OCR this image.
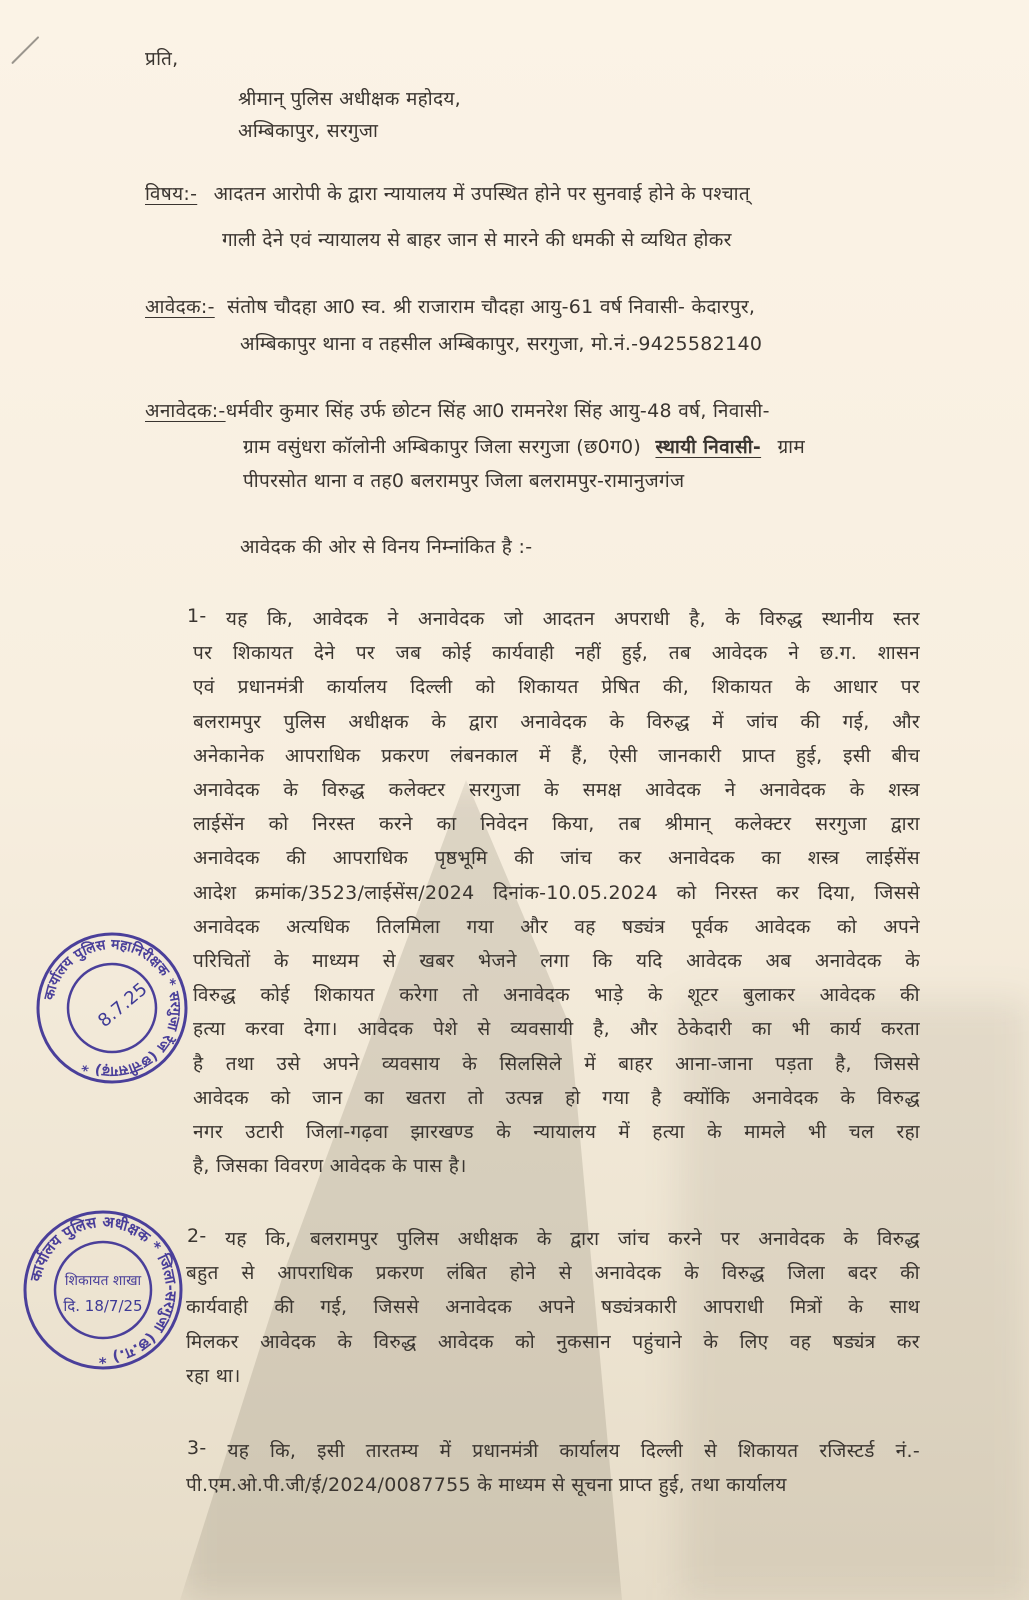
प्रति,
श्रीमान् पुलिस अधीक्षक महोदय,
अम्बिकापुर, सरगुजा
विषय:- आदतन आरोपी के द्वारा न्यायालय में उपस्थित होने पर सुनवाई होने के पश्चात्
गाली देने एवं न्यायालय से बाहर जान से मारने की धमकी से व्यथित होकर
आवेदक:- संतोष चौदहा आ0 स्व. श्री राजाराम चौदहा आयु-61 वर्ष निवासी- केदारपुर,
अम्बिकापुर थाना व तहसील अम्बिकापुर, सरगुजा, मो.नं.-9425582140
अनावेदक:-धर्मवीर कुमार सिंह उर्फ छोटन सिंह आ0 रामनरेश सिंह आयु-48 वर्ष, निवासी-
ग्राम वसुंधरा कॉलोनी अम्बिकापुर जिला सरगुजा (छ0ग0) स्थायी निवासी- ग्राम
पीपरसोत थाना व तह0 बलरामपुर जिला बलरामपुर-रामानुजगंज
आवेदक की ओर से विनय निम्नांकित है :-
1- यह कि, आवेदक ने अनावेदक जो आदतन अपराधी है, के विरुद्ध स्थानीय स्तर
पर शिकायत देने पर जब कोई कार्यवाही नहीं हुई, तब आवेदक ने छ.ग. शासन
एवं प्रधानमंत्री कार्यालय दिल्ली को शिकायत प्रेषित की, शिकायत के आधार पर
बलरामपुर पुलिस अधीक्षक के द्वारा अनावेदक के विरुद्ध में जांच की गई, और
अनेकानेक आपराधिक प्रकरण लंबनकाल में हैं, ऐसी जानकारी प्राप्त हुई, इसी बीच
अनावेदक के विरुद्ध कलेक्टर सरगुजा के समक्ष आवेदक ने अनावेदक के शस्त्र
लाईसेंन को निरस्त करने का निवेदन किया, तब श्रीमान् कलेक्टर सरगुजा द्वारा
अनावेदक की आपराधिक पृष्ठभूमि की जांच कर अनावेदक का शस्त्र लाईसेंस
आदेश क्रमांक/3523/लाईसेंस/2024 दिनांक-10.05.2024 को निरस्त कर दिया, जिससे
अनावेदक अत्यधिक तिलमिला गया और वह षड्यंत्र पूर्वक आवेदक को अपने
परिचितों के माध्यम से खबर भेजने लगा कि यदि आवेदक अब अनावेदक के
विरुद्ध कोई शिकायत करेगा तो अनावेदक भाड़े के शूटर बुलाकर आवेदक की
हत्या करवा देगा। आवेदक पेशे से व्यवसायी है, और ठेकेदारी का भी कार्य करता
है तथा उसे अपने व्यवसाय के सिलसिले में बाहर आना-जाना पड़ता है, जिससे
आवेदक को जान का खतरा तो उत्पन्न हो गया है क्योंकि अनावेदक के विरुद्ध
नगर उटारी जिला-गढ़वा झारखण्ड के न्यायालय में हत्या के मामले भी चल रहा
है, जिसका विवरण आवेदक के पास है।
2- यह कि, बलरामपुर पुलिस अधीक्षक के द्वारा जांच करने पर अनावेदक के विरुद्ध
बहुत से आपराधिक प्रकरण लंबित होने से अनावेदक के विरुद्ध जिला बदर की
कार्यवाही की गई, जिससे अनावेदक अपने षड्यंत्रकारी आपराधी मित्रों के साथ
मिलकर आवेदक के विरुद्ध आवेदक को नुकसान पहुंचाने के लिए वह षड्यंत्र कर
रहा था।
3- यह कि, इसी तारतम्य में प्रधानमंत्री कार्यालय दिल्ली से शिकायत रजिस्टर्ड नं.-
पी.एम.ओ.पी.जी/ई/2024/0087755 के माध्यम से सूचना प्राप्त हुई, तथा कार्यालय
कार्यालय पुलिस महानिरीक्षक * सरगुजा रेंज (छत्तीसगढ़) *
8.7.25
कार्यालय पुलिस अधीक्षक * जिला-सरगुजा (छ.ग.) *
शिकायत शाखा
दि. 18/7/25
